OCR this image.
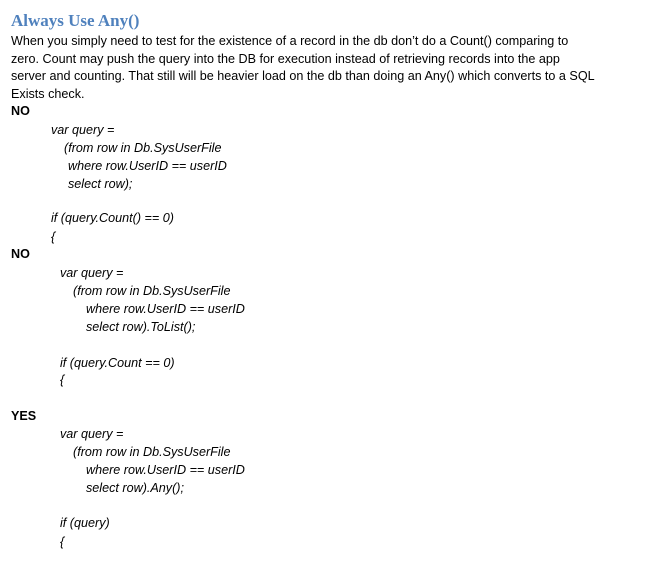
Always Use Any()
When you simply need to test for the existence of a record in the db don’t do a Count() comparing to
zero. Count may push the query into the DB for execution instead of retrieving records into the app
server and counting. That still will be heavier load on the db than doing an Any() which converts to a SQL
Exists check.
NO
var query =
(from row in Db.SysUserFile
where row.UserID == userID
select row);
if (query.Count() == 0)
{
NO
var query =
(from row in Db.SysUserFile
where row.UserID == userID
select row).ToList();
if (query.Count == 0)
{
YES
var query =
(from row in Db.SysUserFile
where row.UserID == userID
select row).Any();
if (query)
{
